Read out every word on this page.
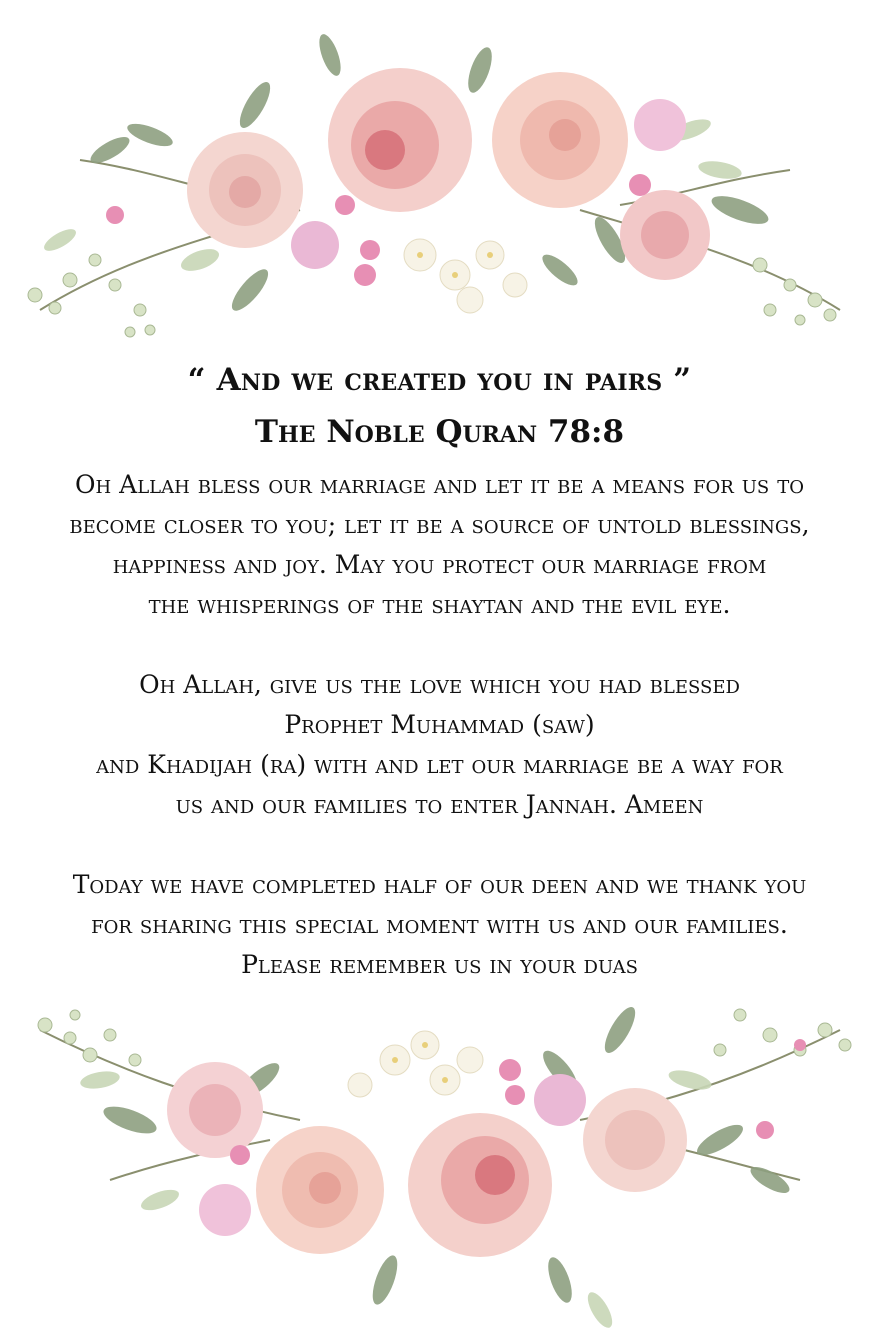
“ And we created you in pairs ”
The Noble Quran 78:8
Oh Allah bless our marriage and let it be a means for us to
become closer to you; let it be a source of untold blessings,
happiness and joy. May you protect our marriage from
the whisperings of the shaytan and the evil eye.
Oh Allah, give us the love which you had blessed
Prophet Muhammad (saw)
and Khadijah (ra) with and let our marriage be a way for
us and our families to enter Jannah. Ameen
Today we have completed half of our deen and we thank you
for sharing this special moment with us and our families.
Please remember us in your duas
